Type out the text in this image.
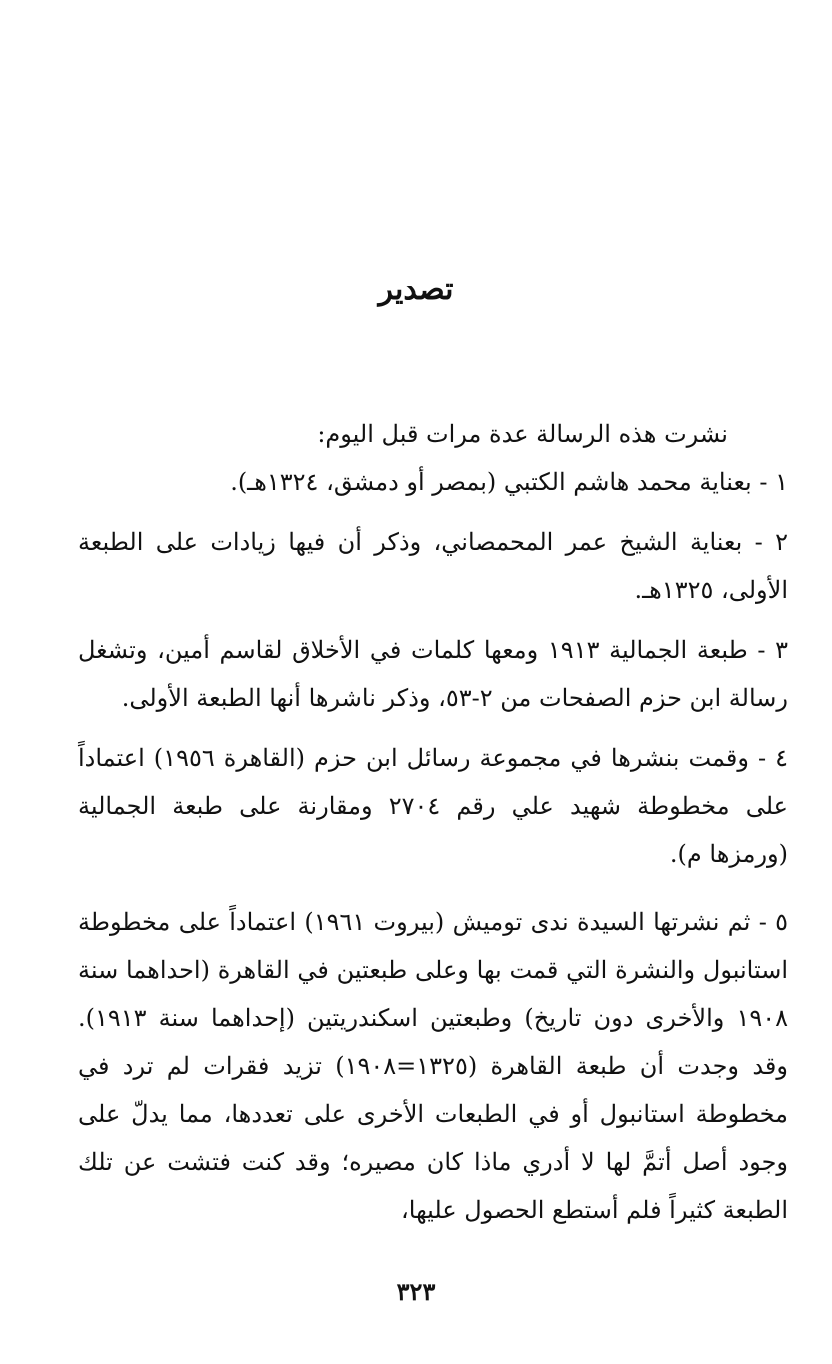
تصدير

نشرت هذه الرسالة عدة مرات قبل اليوم:

١ - بعناية محمد هاشم الكتبي (بمصر أو دمشق، ١٣٢٤هـ).

٢ - بعناية الشيخ عمر المحمصاني، وذكر أن فيها زيادات على الطبعة الأولى، ١٣٢٥هـ.

٣ - طبعة الجمالية ١٩١٣ ومعها كلمات في الأخلاق لقاسم أمين، وتشغل رسالة ابن حزم الصفحات من ٢-٥٣، وذكر ناشرها أنها الطبعة الأولى.

٤ - وقمت بنشرها في مجموعة رسائل ابن حزم (القاهرة ١٩٥٦) اعتماداً على مخطوطة شهيد علي رقم ٢٧٠٤ ومقارنة على طبعة الجمالية (ورمزها م).

٥ - ثم نشرتها السيدة ندى توميش (بيروت ١٩٦١) اعتماداً على مخطوطة استانبول والنشرة التي قمت بها وعلى طبعتين في القاهرة (احداهما سنة ١٩٠٨ والأخرى دون تاريخ) وطبعتين اسكندريتين (إحداهما سنة ١٩١٣). وقد وجدت أن طبعة القاهرة (١٣٢٥=١٩٠٨) تزيد فقرات لم ترد في مخطوطة استانبول أو في الطبعات الأخرى على تعددها، مما يدلّ على وجود أصل أتمَّ لها لا أدري ماذا كان مصيره؛ وقد كنت فتشت عن تلك الطبعة كثيراً فلم أستطع الحصول عليها،

٣٢٣
